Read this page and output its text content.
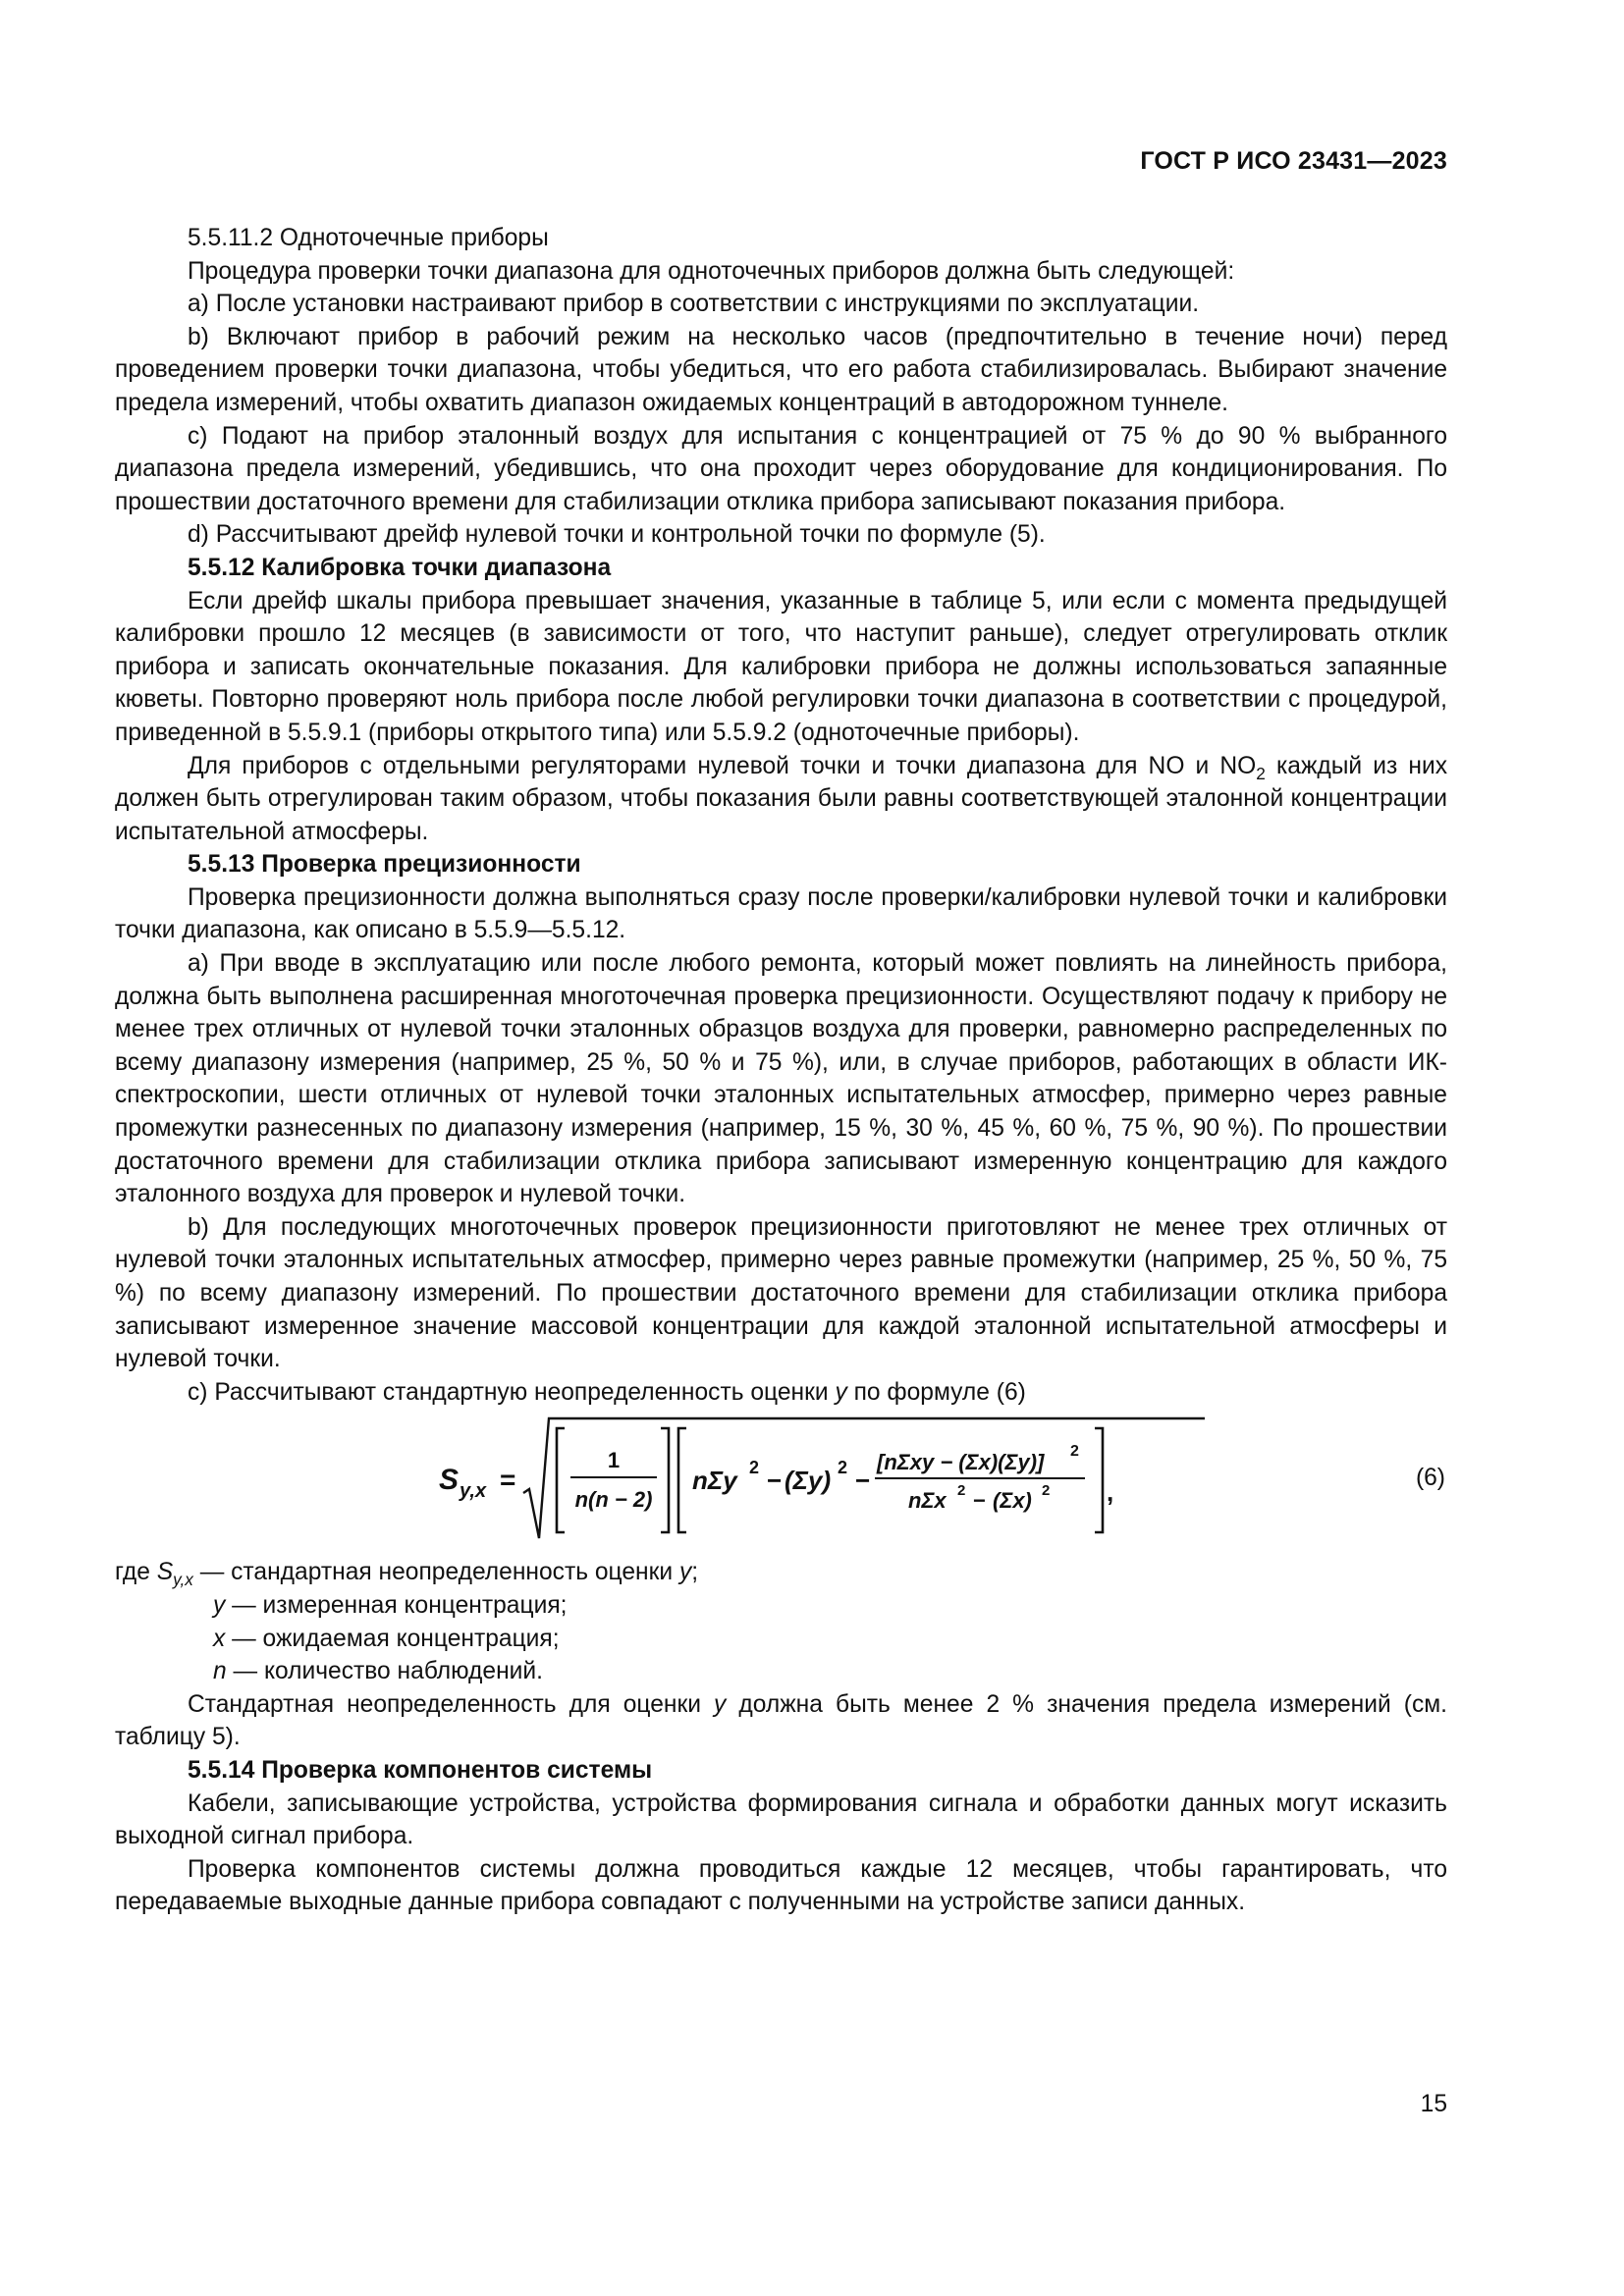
ГОСТ Р ИСО 23431—2023

5.5.11.2 Одноточечные приборы

Процедура проверки точки диапазона для одноточечных приборов должна быть следующей:

a) После установки настраивают прибор в соответствии с инструкциями по эксплуатации.

b) Включают прибор в рабочий режим на несколько часов (предпочтительно в течение ночи) перед проведением проверки точки диапазона, чтобы убедиться, что его работа стабилизировалась. Выбирают значение предела измерений, чтобы охватить диапазон ожидаемых концентраций в автодорожном туннеле.

c) Подают на прибор эталонный воздух для испытания с концентрацией от 75 % до 90 % выбранного диапазона предела измерений, убедившись, что она проходит через оборудование для кондиционирования. По прошествии достаточного времени для стабилизации отклика прибора записывают показания прибора.

d) Рассчитывают дрейф нулевой точки и контрольной точки по формуле (5).

5.5.12 Калибровка точки диапазона

Если дрейф шкалы прибора превышает значения, указанные в таблице 5, или если с момента предыдущей калибровки прошло 12 месяцев (в зависимости от того, что наступит раньше), следует отрегулировать отклик прибора и записать окончательные показания. Для калибровки прибора не должны использоваться запаянные кюветы. Повторно проверяют ноль прибора после любой регулировки точки диапазона в соответствии с процедурой, приведенной в 5.5.9.1 (приборы открытого типа) или 5.5.9.2 (одноточечные приборы).

Для приборов с отдельными регуляторами нулевой точки и точки диапазона для NO и $NO_2$ каждый из них должен быть отрегулирован таким образом, чтобы показания были равны соответствующей эталонной концентрации испытательной атмосферы.

5.5.13 Проверка прецизионности

Проверка прецизионности должна выполняться сразу после проверки/калибровки нулевой точки и калибровки точки диапазона, как описано в 5.5.9—5.5.12.

a) При вводе в эксплуатацию или после любого ремонта, который может повлиять на линейность прибора, должна быть выполнена расширенная многоточечная проверка прецизионности. Осуществляют подачу к прибору не менее трех отличных от нулевой точки эталонных образцов воздуха для проверки, равномерно распределенных по всему диапазону измерения (например, 25 %, 50 % и 75 %), или, в случае приборов, работающих в области ИК-спектроскопии, шести отличных от нулевой точки эталонных испытательных атмосфер, примерно через равные промежутки разнесенных по диапазону измерения (например, 15 %, 30 %, 45 %, 60 %, 75 %, 90 %). По прошествии достаточного времени для стабилизации отклика прибора записывают измеренную концентрацию для каждого эталонного воздуха для проверок и нулевой точки.

b) Для последующих многоточечных проверок прецизионности приготовляют не менее трех отличных от нулевой точки эталонных испытательных атмосфер, примерно через равные промежутки (например, 25 %, 50 %, 75 %) по всему диапазону измерений. По прошествии достаточного времени для стабилизации отклика прибора записывают измеренное значение массовой концентрации для каждой эталонной испытательной атмосферы и нулевой точки.

c) Рассчитывают стандартную неопределенность оценки y по формуле (6)

S y,x =
1
n(n − 2)
nΣy 2 − (Σy) 2 −
[nΣxy − (Σx)(Σy)] 2
nΣx 2 − (Σx) 2 ,	(6)

где $S_{y,x}$ — стандартная неопределенность оценки y;

y — измеренная концентрация;

x — ожидаемая концентрация;

n — количество наблюдений.

Стандартная неопределенность для оценки y должна быть менее 2 % значения предела измерений (см. таблицу 5).

5.5.14 Проверка компонентов системы

Кабели, записывающие устройства, устройства формирования сигнала и обработки данных могут исказить выходной сигнал прибора.

Проверка компонентов системы должна проводиться каждые 12 месяцев, чтобы гарантировать, что передаваемые выходные данные прибора совпадают с полученными на устройстве записи данных.

15
